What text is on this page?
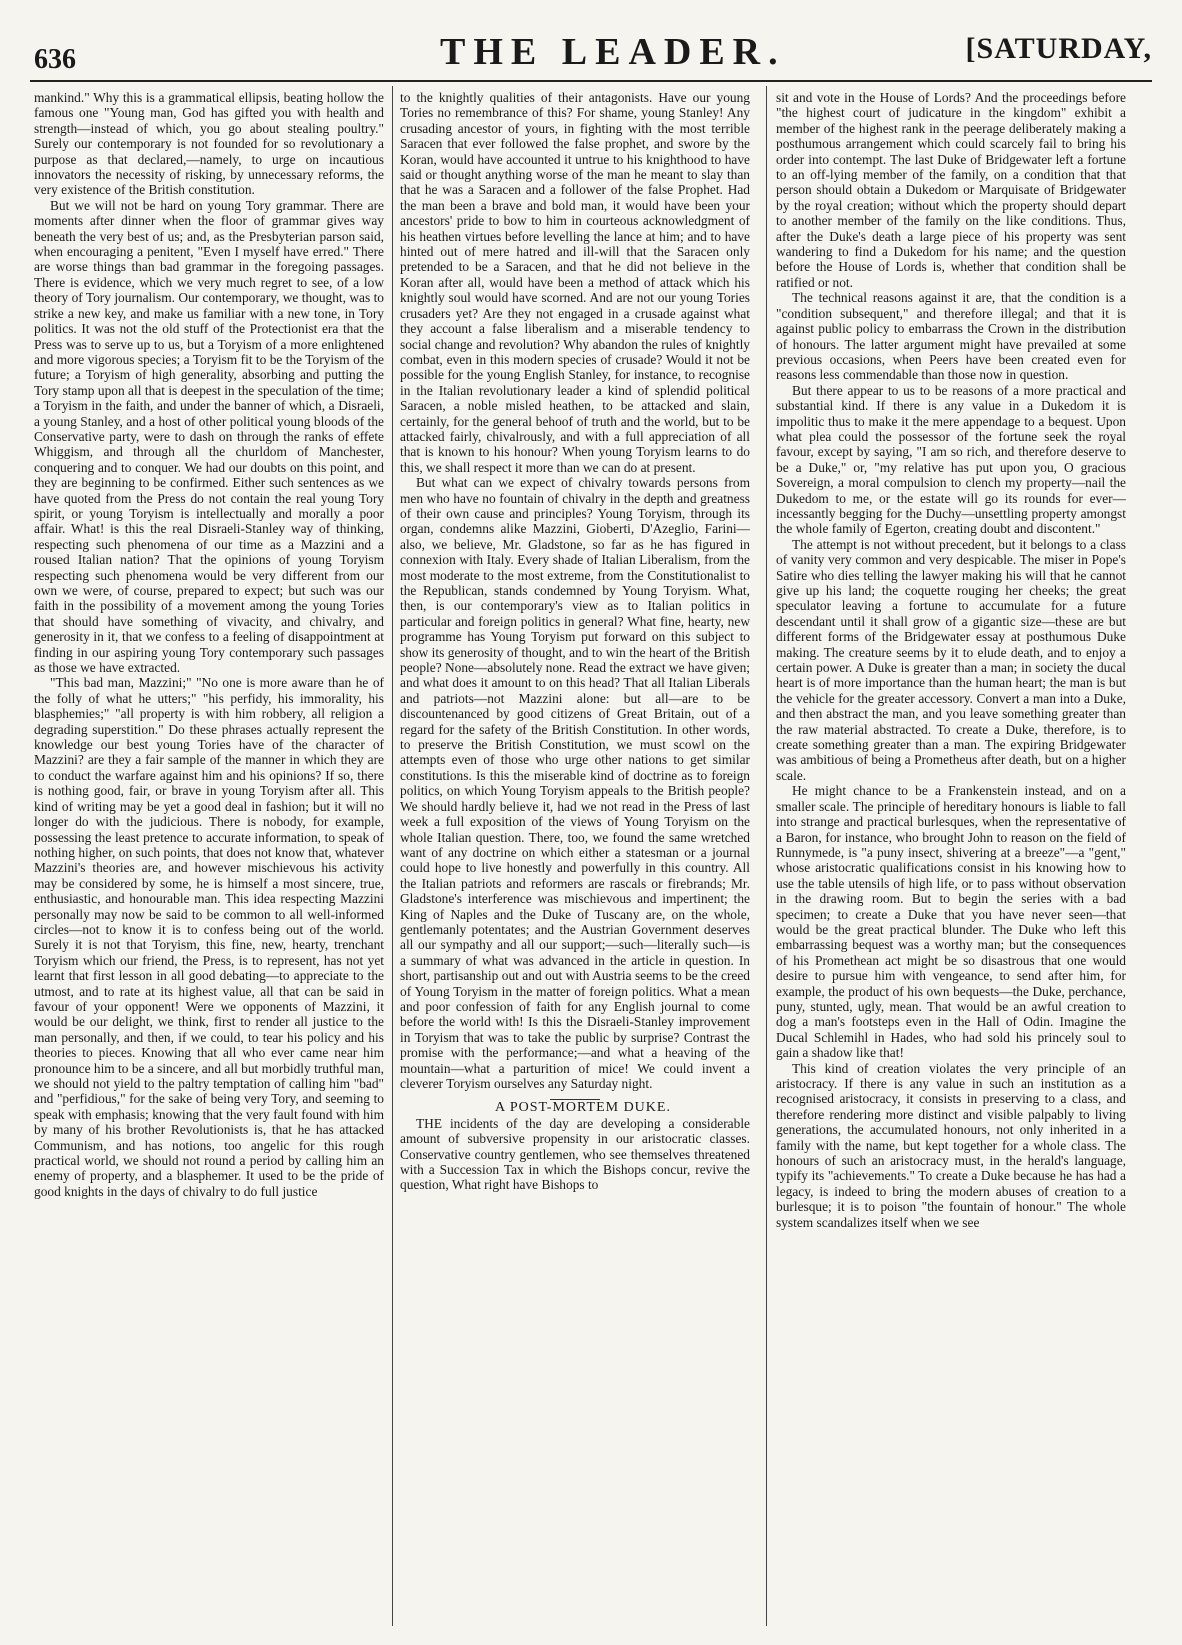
636	THE LEADER.	[SATURDAY,

mankind." Why this is a grammatical ellipsis, beating hollow the famous one "Young man, God has gifted you with health and strength—instead of which, you go about stealing poultry." Surely our contemporary is not founded for so revolutionary a purpose as that declared,—namely, to urge on incautious innovators the necessity of risking, by unnecessary reforms, the very existence of the British constitution.

But we will not be hard on young Tory grammar. There are moments after dinner when the floor of grammar gives way beneath the very best of us; and, as the Presbyterian parson said, when encouraging a penitent, "Even I myself have erred." There are worse things than bad grammar in the foregoing passages. There is evidence, which we very much regret to see, of a low theory of Tory journalism. Our contemporary, we thought, was to strike a new key, and make us familiar with a new tone, in Tory politics. It was not the old stuff of the Protectionist era that the Press was to serve up to us, but a Toryism of a more enlightened and more vigorous species; a Toryism fit to be the Toryism of the future; a Toryism of high generality, absorbing and putting the Tory stamp upon all that is deepest in the speculation of the time; a Toryism in the faith, and under the banner of which, a Disraeli, a young Stanley, and a host of other political young bloods of the Conservative party, were to dash on through the ranks of effete Whiggism, and through all the churldom of Manchester, conquering and to conquer. We had our doubts on this point, and they are beginning to be confirmed. Either such sentences as we have quoted from the Press do not contain the real young Tory spirit, or young Toryism is intellectually and morally a poor affair. What! is this the real Disraeli-Stanley way of thinking, respecting such phenomena of our time as a Mazzini and a roused Italian nation? That the opinions of young Toryism respecting such phenomena would be very different from our own we were, of course, prepared to expect; but such was our faith in the possibility of a movement among the young Tories that should have something of vivacity, and chivalry, and generosity in it, that we confess to a feeling of disappointment at finding in our aspiring young Tory contemporary such passages as those we have extracted.

"This bad man, Mazzini;" "No one is more aware than he of the folly of what he utters;" "his perfidy, his immorality, his blasphemies;" "all property is with him robbery, all religion a degrading superstition." Do these phrases actually represent the knowledge our best young Tories have of the character of Mazzini? are they a fair sample of the manner in which they are to conduct the warfare against him and his opinions? If so, there is nothing good, fair, or brave in young Toryism after all. This kind of writing may be yet a good deal in fashion; but it will no longer do with the judicious. There is nobody, for example, possessing the least pretence to accurate information, to speak of nothing higher, on such points, that does not know that, whatever Mazzini's theories are, and however mischievous his activity may be considered by some, he is himself a most sincere, true, enthusiastic, and honourable man. This idea respecting Mazzini personally may now be said to be common to all well-informed circles—not to know it is to confess being out of the world. Surely it is not that Toryism, this fine, new, hearty, trenchant Toryism which our friend, the Press, is to represent, has not yet learnt that first lesson in all good debating—to appreciate to the utmost, and to rate at its highest value, all that can be said in favour of your opponent! Were we opponents of Mazzini, it would be our delight, we think, first to render all justice to the man personally, and then, if we could, to tear his policy and his theories to pieces. Knowing that all who ever came near him pronounce him to be a sincere, and all but morbidly truthful man, we should not yield to the paltry temptation of calling him "bad" and "perfidious," for the sake of being very Tory, and seeming to speak with emphasis; knowing that the very fault found with him by many of his brother Revolutionists is, that he has attacked Communism, and has notions, too angelic for this rough practical world, we should not round a period by calling him an enemy of property, and a blasphemer. It used to be the pride of good knights in the days of chivalry to do full justice

to the knightly qualities of their antagonists. Have our young Tories no remembrance of this? For shame, young Stanley! Any crusading ancestor of yours, in fighting with the most terrible Saracen that ever followed the false prophet, and swore by the Koran, would have accounted it untrue to his knighthood to have said or thought anything worse of the man he meant to slay than that he was a Saracen and a follower of the false Prophet. Had the man been a brave and bold man, it would have been your ancestors' pride to bow to him in courteous acknowledgment of his heathen virtues before levelling the lance at him; and to have hinted out of mere hatred and ill-will that the Saracen only pretended to be a Saracen, and that he did not believe in the Koran after all, would have been a method of attack which his knightly soul would have scorned. And are not our young Tories crusaders yet? Are they not engaged in a crusade against what they account a false liberalism and a miserable tendency to social change and revolution? Why abandon the rules of knightly combat, even in this modern species of crusade? Would it not be possible for the young English Stanley, for instance, to recognise in the Italian revolutionary leader a kind of splendid political Saracen, a noble misled heathen, to be attacked and slain, certainly, for the general behoof of truth and the world, but to be attacked fairly, chivalrously, and with a full appreciation of all that is known to his honour? When young Toryism learns to do this, we shall respect it more than we can do at present.

But what can we expect of chivalry towards persons from men who have no fountain of chivalry in the depth and greatness of their own cause and principles? Young Toryism, through its organ, condemns alike Mazzini, Gioberti, D'Azeglio, Farini—also, we believe, Mr. Gladstone, so far as he has figured in connexion with Italy. Every shade of Italian Liberalism, from the most moderate to the most extreme, from the Constitutionalist to the Republican, stands condemned by Young Toryism. What, then, is our contemporary's view as to Italian politics in particular and foreign politics in general? What fine, hearty, new programme has Young Toryism put forward on this subject to show its generosity of thought, and to win the heart of the British people? None—absolutely none. Read the extract we have given; and what does it amount to on this head? That all Italian Liberals and patriots—not Mazzini alone: but all—are to be discountenanced by good citizens of Great Britain, out of a regard for the safety of the British Constitution. In other words, to preserve the British Constitution, we must scowl on the attempts even of those who urge other nations to get similar constitutions. Is this the miserable kind of doctrine as to foreign politics, on which Young Toryism appeals to the British people? We should hardly believe it, had we not read in the Press of last week a full exposition of the views of Young Toryism on the whole Italian question. There, too, we found the same wretched want of any doctrine on which either a statesman or a journal could hope to live honestly and powerfully in this country. All the Italian patriots and reformers are rascals or firebrands; Mr. Gladstone's interference was mischievous and impertinent; the King of Naples and the Duke of Tuscany are, on the whole, gentlemanly potentates; and the Austrian Government deserves all our sympathy and all our support;—such—literally such—is a summary of what was advanced in the article in question. In short, partisanship out and out with Austria seems to be the creed of Young Toryism in the matter of foreign politics. What a mean and poor confession of faith for any English journal to come before the world with! Is this the Disraeli-Stanley improvement in Toryism that was to take the public by surprise? Contrast the promise with the performance;—and what a heaving of the mountain—what a parturition of mice! We could invent a cleverer Toryism ourselves any Saturday night.

A POST-MORTEM DUKE.

THE incidents of the day are developing a considerable amount of subversive propensity in our aristocratic classes. Conservative country gentlemen, who see themselves threatened with a Succession Tax in which the Bishops concur, revive the question, What right have Bishops to

sit and vote in the House of Lords? And the proceedings before "the highest court of judicature in the kingdom" exhibit a member of the highest rank in the peerage deliberately making a posthumous arrangement which could scarcely fail to bring his order into contempt. The last Duke of Bridgewater left a fortune to an off-lying member of the family, on a condition that that person should obtain a Dukedom or Marquisate of Bridgewater by the royal creation; without which the property should depart to another member of the family on the like conditions. Thus, after the Duke's death a large piece of his property was sent wandering to find a Dukedom for his name; and the question before the House of Lords is, whether that condition shall be ratified or not.

The technical reasons against it are, that the condition is a "condition subsequent," and therefore illegal; and that it is against public policy to embarrass the Crown in the distribution of honours. The latter argument might have prevailed at some previous occasions, when Peers have been created even for reasons less commendable than those now in question.

But there appear to us to be reasons of a more practical and substantial kind. If there is any value in a Dukedom it is impolitic thus to make it the mere appendage to a bequest. Upon what plea could the possessor of the fortune seek the royal favour, except by saying, "I am so rich, and therefore deserve to be a Duke," or, "my relative has put upon you, O gracious Sovereign, a moral compulsion to clench my property—nail the Dukedom to me, or the estate will go its rounds for ever—incessantly begging for the Duchy—unsettling property amongst the whole family of Egerton, creating doubt and discontent."

The attempt is not without precedent, but it belongs to a class of vanity very common and very despicable. The miser in Pope's Satire who dies telling the lawyer making his will that he cannot give up his land; the coquette rouging her cheeks; the great speculator leaving a fortune to accumulate for a future descendant until it shall grow of a gigantic size—these are but different forms of the Bridgewater essay at posthumous Duke making. The creature seems by it to elude death, and to enjoy a certain power. A Duke is greater than a man; in society the ducal heart is of more importance than the human heart; the man is but the vehicle for the greater accessory. Convert a man into a Duke, and then abstract the man, and you leave something greater than the raw material abstracted. To create a Duke, therefore, is to create something greater than a man. The expiring Bridgewater was ambitious of being a Prometheus after death, but on a higher scale.

He might chance to be a Frankenstein instead, and on a smaller scale. The principle of hereditary honours is liable to fall into strange and practical burlesques, when the representative of a Baron, for instance, who brought John to reason on the field of Runnymede, is "a puny insect, shivering at a breeze"—a "gent," whose aristocratic qualifications consist in his knowing how to use the table utensils of high life, or to pass without observation in the drawing room. But to begin the series with a bad specimen; to create a Duke that you have never seen—that would be the great practical blunder. The Duke who left this embarrassing bequest was a worthy man; but the consequences of his Promethean act might be so disastrous that one would desire to pursue him with vengeance, to send after him, for example, the product of his own bequests—the Duke, perchance, puny, stunted, ugly, mean. That would be an awful creation to dog a man's footsteps even in the Hall of Odin. Imagine the Ducal Schlemihl in Hades, who had sold his princely soul to gain a shadow like that!

This kind of creation violates the very principle of an aristocracy. If there is any value in such an institution as a recognised aristocracy, it consists in preserving to a class, and therefore rendering more distinct and visible palpably to living generations, the accumulated honours, not only inherited in a family with the name, but kept together for a whole class. The honours of such an aristocracy must, in the herald's language, typify its "achievements." To create a Duke because he has had a legacy, is indeed to bring the modern abuses of creation to a burlesque; it is to poison "the fountain of honour." The whole system scandalizes itself when we see
